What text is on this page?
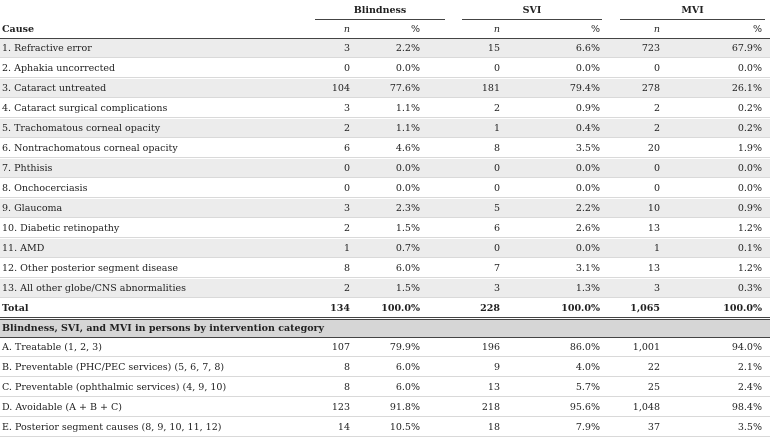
Blindness	SVI	MVI
Cause	n	%	n	%	n	%
1. Refractive error	3	2.2%	15	6.6%	723	67.9%
2. Aphakia uncorrected	0	0.0%	0	0.0%	0	0.0%
3. Cataract untreated	104	77.6%	181	79.4%	278	26.1%
4. Cataract surgical complications	3	1.1%	2	0.9%	2	0.2%
5. Trachomatous corneal opacity	2	1.1%	1	0.4%	2	0.2%
6. Nontrachomatous corneal opacity	6	4.6%	8	3.5%	20	1.9%
7. Phthisis	0	0.0%	0	0.0%	0	0.0%
8. Onchocerciasis	0	0.0%	0	0.0%	0	0.0%
9. Glaucoma	3	2.3%	5	2.2%	10	0.9%
10. Diabetic retinopathy	2	1.5%	6	2.6%	13	1.2%
11. AMD	1	0.7%	0	0.0%	1	0.1%
12. Other posterior segment disease	8	6.0%	7	3.1%	13	1.2%
13. All other globe/CNS abnormalities	2	1.5%	3	1.3%	3	0.3%
Total	134	100.0%	228	100.0%	1,065	100.0%
Blindness, SVI, and MVI in persons by intervention category
A. Treatable (1, 2, 3)	107	79.9%	196	86.0%	1,001	94.0%
B. Preventable (PHC/PEC services) (5, 6, 7, 8)	8	6.0%	9	4.0%	22	2.1%
C. Preventable (ophthalmic services) (4, 9, 10)	8	6.0%	13	5.7%	25	2.4%
D. Avoidable (A + B + C)	123	91.8%	218	95.6%	1,048	98.4%
E. Posterior segment causes (8, 9, 10, 11, 12)	14	10.5%	18	7.9%	37	3.5%
